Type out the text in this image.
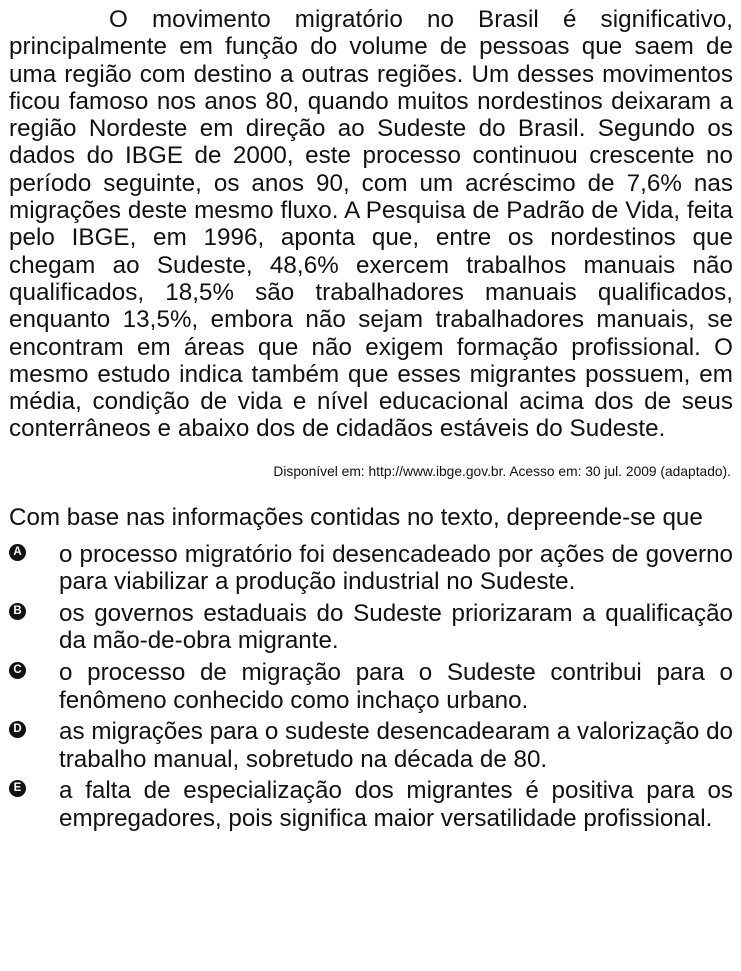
O movimento migratório no Brasil é significativo, principalmente em função do volume de pessoas que saem de uma região com destino a outras regiões. Um desses movimentos ficou famoso nos anos 80, quando muitos nordestinos deixaram a região Nordeste em direção ao Sudeste do Brasil. Segundo os dados do IBGE de 2000, este processo continuou crescente no período seguinte, os anos 90, com um acréscimo de 7,6% nas migrações deste mesmo fluxo. A Pesquisa de Padrão de Vida, feita pelo IBGE, em 1996, aponta que, entre os nordestinos que chegam ao Sudeste, 48,6% exercem trabalhos manuais não qualificados, 18,5% são trabalhadores manuais qualificados, enquanto 13,5%, embora não sejam trabalhadores manuais, se encontram em áreas que não exigem formação profissional. O mesmo estudo indica também que esses migrantes possuem, em média, condição de vida e nível educacional acima dos de seus conterrâneos e abaixo dos de cidadãos estáveis do Sudeste.

Disponível em: http://www.ibge.gov.br. Acesso em: 30 jul. 2009 (adaptado).
Com base nas informações contidas no texto, depreende-se que
A o processo migratório foi desencadeado por ações de governo para viabilizar a produção industrial no Sudeste.
B os governos estaduais do Sudeste priorizaram a qualificação da mão-de-obra migrante.
C o processo de migração para o Sudeste contribui para o fenômeno conhecido como inchaço urbano.
D as migrações para o sudeste desencadearam a valorização do trabalho manual, sobretudo na década de 80.
E a falta de especialização dos migrantes é positiva para os empregadores, pois significa maior versatilidade profissional.
